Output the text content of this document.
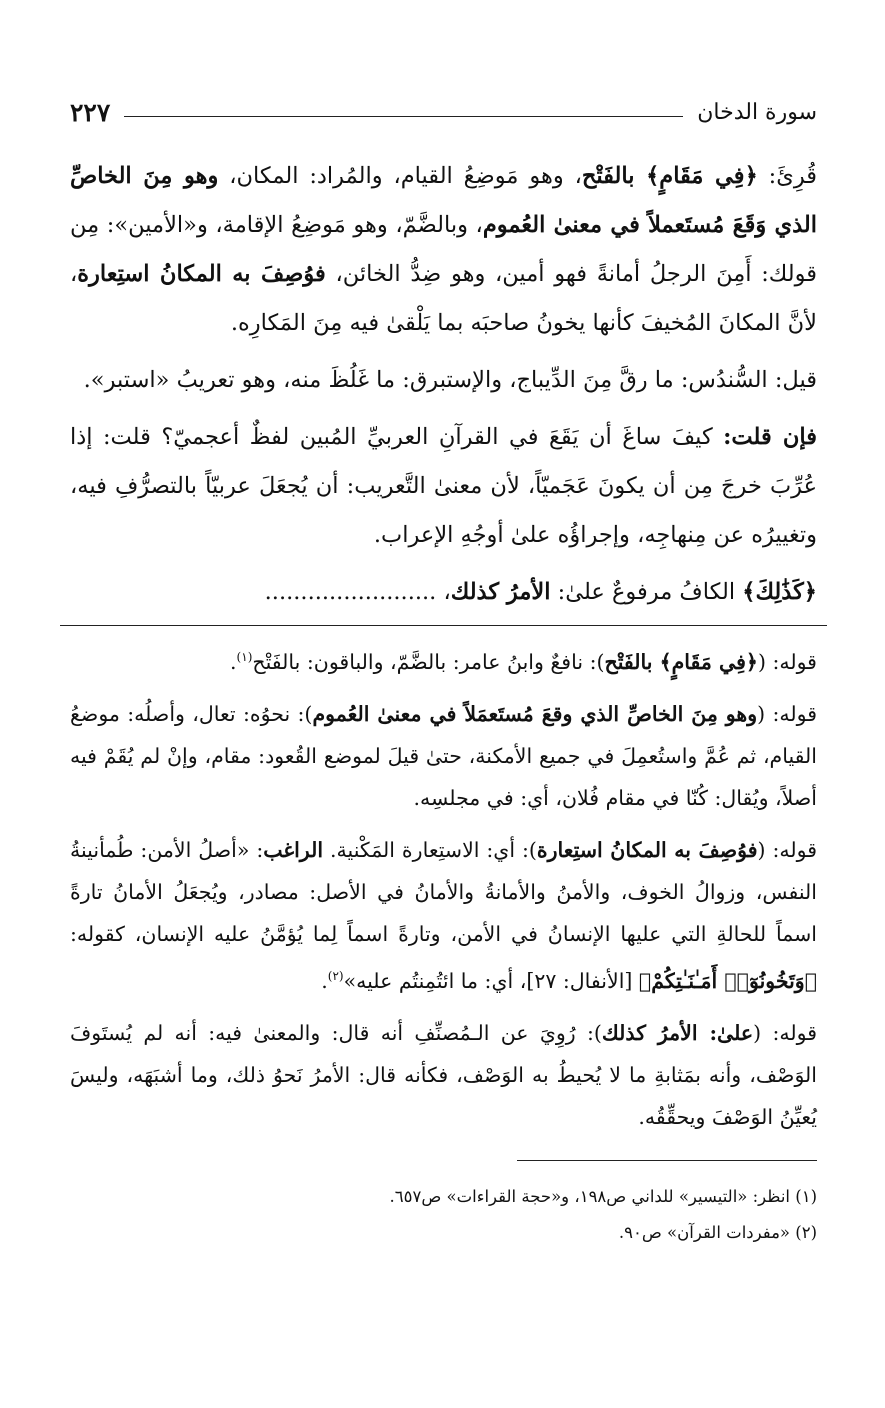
سورة الدخان
٢٢٧

قُرِئَ: ﴿فِي مَقَامٍ﴾ بالفَتْح، وهو مَوضِعُ القيام، والمُراد: المكان، وهو مِنَ الخاصِّ الذي وَقَعَ مُستَعملاً في معنىٰ العُموم، وبالضَّمّ، وهو مَوضِعُ الإقامة، و«الأمين»: مِن قولك: أَمِنَ الرجلُ أمانةً فهو أمين، وهو ضِدُّ الخائن، فوُصِفَ به المكانُ استِعارة، لأنَّ المكانَ المُخيفَ كأنها يخونُ صاحبَه بما يَلْقىٰ فيه مِنَ المَكارِه.

قيل: السُّندُس: ما رقَّ مِنَ الدِّيباج، والإستبرق: ما غَلُظَ منه، وهو تعريبُ «استبر».

فإن قلت: كيفَ ساغَ أن يَقَعَ في القرآنِ العربيِّ المُبين لفظٌ أعجميّ؟ قلت: إذا عُرِّبَ خرجَ مِن أن يكونَ عَجَميّاً، لأن معنىٰ التَّعريب: أن يُجعَلَ عربيّاً بالتصرُّفِ فيه، وتغييرُه عن مِنهاجِه، وإجراؤُه علىٰ أوجُهِ الإعراب.

﴿كَذَٰلِكَ﴾ الكافُ مرفوعٌ علىٰ: الأمرُ كذلك، ........................

قوله: (﴿فِي مَقَامٍ﴾ بالفَتْح): نافعٌ وابنُ عامر: بالضَّمّ، والباقون: بالفَتْح$^{(١)}$.

قوله: (وهو مِنَ الخاصِّ الذي وقعَ مُستَعمَلاً في معنىٰ العُموم): نحوُه: تعال، وأصلُه: موضعُ القيام، ثم عُمَّ واستُعمِلَ في جميع الأمكنة، حتىٰ قيلَ لموضع القُعود: مقام، وإنْ لم يُقَمْ فيه أصلاً، ويُقال: كُنّا في مقام فُلان، أي: في مجلسِه.

قوله: (فوُصِفَ به المكانُ استِعارة): أي: الاستِعارة المَكْنية. الراغب: «أصلُ الأمن: طُمأنينةُ النفس، وزوالُ الخوف، والأمنُ والأمانةُ والأمانُ في الأصل: مصادر، ويُجعَلُ الأمانُ تارةً اسماً للحالةِ التي عليها الإنسانُ في الأمن، وتارةً اسماً لِما يُؤمَّنُ عليه الإنسان، كقوله: ﴿وَتَخُونُوٓا۟ أَمَـٰنَـٰتِكُمْ﴾ [الأنفال: ٢٧]، أي: ما ائتُمِنتُم عليه»$^{(٢)}$.

قوله: (علىٰ: الأمرُ كذلك): رُوِيَ عن الـمُصنِّفِ أنه قال: والمعنىٰ فيه: أنه لم يُستَوفَ الوَصْف، وأنه بمَثابةِ ما لا يُحيطُ به الوَصْف، فكأنه قال: الأمرُ نَحوُ ذلك، وما أشبَهَه، وليسَ يُعيِّنُ الوَصْفَ ويحقِّقُه.

(١) انظر: «التيسير» للداني ص١٩٨، و«حجة القراءات» ص٦٥٧.

(٢) «مفردات القرآن» ص٩٠.
